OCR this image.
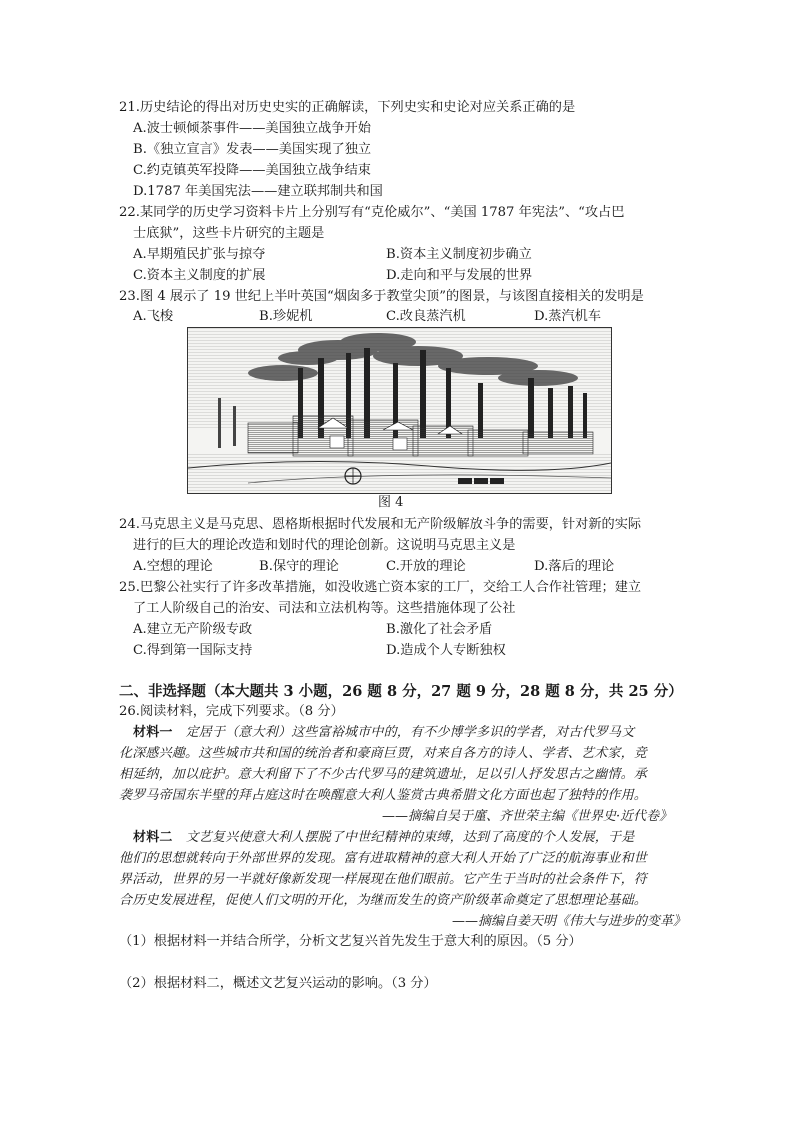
21.历史结论的得出对历史史实的正确解读，下列史实和史论对应关系正确的是
A.波士顿倾茶事件——美国独立战争开始
B.《独立宣言》发表——美国实现了独立
C.约克镇英军投降——美国独立战争结束
D.1787 年美国宪法——建立联邦制共和国
22.某同学的历史学习资料卡片上分别写有“克伦威尔”、“美国 1787 年宪法”、“攻占巴
士底狱”，这些卡片研究的主题是
A.早期殖民扩张与掠夺	B.资本主义制度初步确立
C.资本主义制度的扩展	D.走向和平与发展的世界
23.图 4 展示了 19 世纪上半叶英国“烟囱多于教堂尖顶”的图景，与该图直接相关的发明是
A.飞梭	B.珍妮机	C.改良蒸汽机	D.蒸汽机车
图 4
24.马克思主义是马克思、恩格斯根据时代发展和无产阶级解放斗争的需要，针对新的实际
进行的巨大的理论改造和划时代的理论创新。这说明马克思主义是
A.空想的理论	B.保守的理论	C.开放的理论	D.落后的理论
25.巴黎公社实行了许多改革措施，如没收逃亡资本家的工厂，交给工人合作社管理；建立
了工人阶级自己的治安、司法和立法机构等。这些措施体现了公社
A.建立无产阶级专政	B.激化了社会矛盾
C.得到第一国际支持	D.造成个人专断独权
二、非选择题（本大题共 3 小题，26 题 8 分，27 题 9 分，28 题 8 分，共 25 分）
26.阅读材料，完成下列要求。（8 分）
材料一 定居于（意大利）这些富裕城市中的，有不少博学多识的学者，对古代罗马文
化深感兴趣。这些城市共和国的统治者和豪商巨贾，对来自各方的诗人、学者、艺术家，竞
相延纳，加以庇护。意大利留下了不少古代罗马的建筑遗址，足以引人抒发思古之幽情。承
袭罗马帝国东半壁的拜占庭这时在唤醒意大利人鉴赏古典希腊文化方面也起了独特的作用。
——摘编自吴于廑、齐世荣主编《世界史·近代卷》
材料二 文艺复兴使意大利人摆脱了中世纪精神的束缚，达到了高度的个人发展，于是
他们的思想就转向于外部世界的发现。富有进取精神的意大利人开始了广泛的航海事业和世
界活动，世界的另一半就好像新发现一样展现在他们眼前。它产生于当时的社会条件下，符
合历史发展进程，促使人们文明的开化，为继而发生的资产阶级革命奠定了思想理论基础。
——摘编自姜天明《伟大与进步的变革》
（1）根据材料一并结合所学，分析文艺复兴首先发生于意大利的原因。（5 分）
（2）根据材料二，概述文艺复兴运动的影响。（3 分）
